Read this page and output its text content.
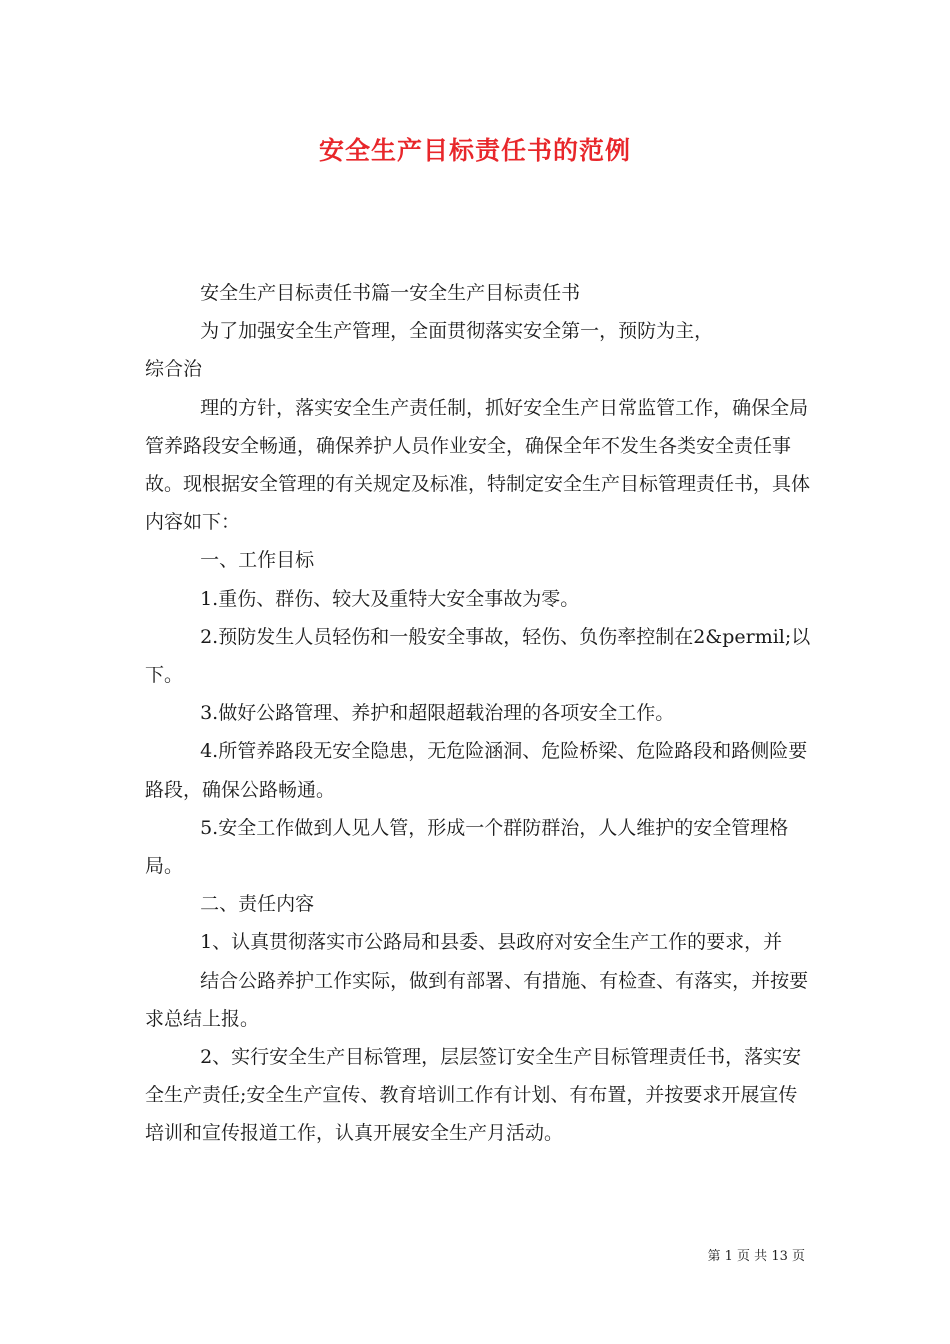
安全生产目标责任书的范例

安全生产目标责任书篇一安全生产目标责任书

为了加强安全生产管理，全面贯彻落实安全第一，预防为主，

综合治

理的方针，落实安全生产责任制，抓好安全生产日常监管工作，确保全局管养路段安全畅通，确保养护人员作业安全，确保全年不发生各类安全责任事故。现根据安全管理的有关规定及标准，特制定安全生产目标管理责任书，具体内容如下：

一、工作目标

1.重伤、群伤、较大及重特大安全事故为零。

2.预防发生人员轻伤和一般安全事故，轻伤、负伤率控制在2&permil;以下。

3.做好公路管理、养护和超限超载治理的各项安全工作。

4.所管养路段无安全隐患，无危险涵洞、危险桥梁、危险路段和路侧险要路段，确保公路畅通。

5.安全工作做到人见人管，形成一个群防群治，人人维护的安全管理格局。

二、责任内容

1、认真贯彻落实市公路局和县委、县政府对安全生产工作的要求，并

结合公路养护工作实际，做到有部署、有措施、有检查、有落实，并按要求总结上报。

2、实行安全生产目标管理，层层签订安全生产目标管理责任书，落实安全生产责任;安全生产宣传、教育培训工作有计划、有布置，并按要求开展宣传培训和宣传报道工作，认真开展安全生产月活动。

第 1 页 共 13 页
